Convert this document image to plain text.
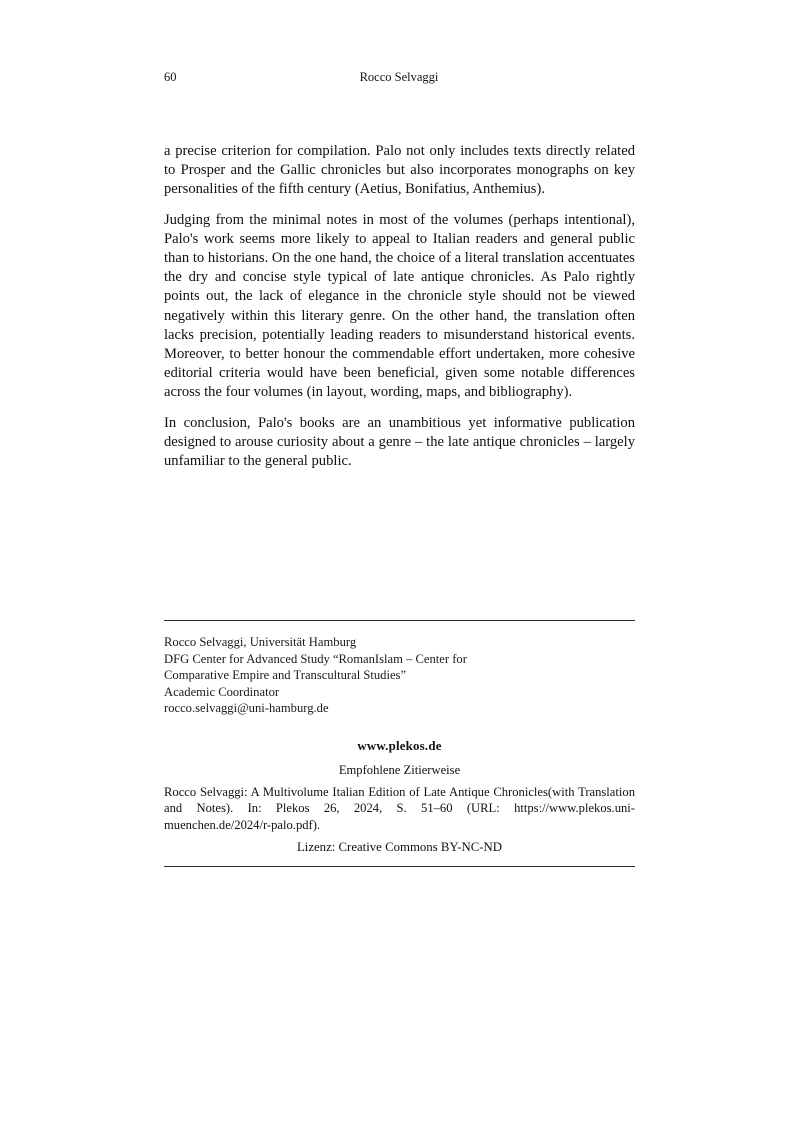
60	Rocco Selvaggi

a precise criterion for compilation. Palo not only includes texts directly related to Prosper and the Gallic chronicles but also incorporates monographs on key personalities of the fifth century (Aetius, Bonifatius, Anthemius).

Judging from the minimal notes in most of the volumes (perhaps intentional), Palo's work seems more likely to appeal to Italian readers and general public than to historians. On the one hand, the choice of a literal translation accentuates the dry and concise style typical of late antique chronicles. As Palo rightly points out, the lack of elegance in the chronicle style should not be viewed negatively within this literary genre. On the other hand, the translation often lacks precision, potentially leading readers to misunderstand historical events. Moreover, to better honour the commendable effort undertaken, more cohesive editorial criteria would have been beneficial, given some notable differences across the four volumes (in layout, wording, maps, and bibliography).

In conclusion, Palo's books are an unambitious yet informative publication designed to arouse curiosity about a genre – the late antique chronicles – largely unfamiliar to the general public.

Rocco Selvaggi, Universität Hamburg
DFG Center for Advanced Study “RomanIslam – Center for
Comparative Empire and Transcultural Studies”
Academic Coordinator
rocco.selvaggi@uni-hamburg.de
www.plekos.de
Empfohlene Zitierweise
Rocco Selvaggi: A Multivolume Italian Edition of Late Antique Chronicles(with Translation and Notes). In: Plekos 26, 2024, S. 51–60 (URL: https://www.plekos.uni-muenchen.de/2024/r-palo.pdf).
Lizenz: Creative Commons BY-NC-ND
